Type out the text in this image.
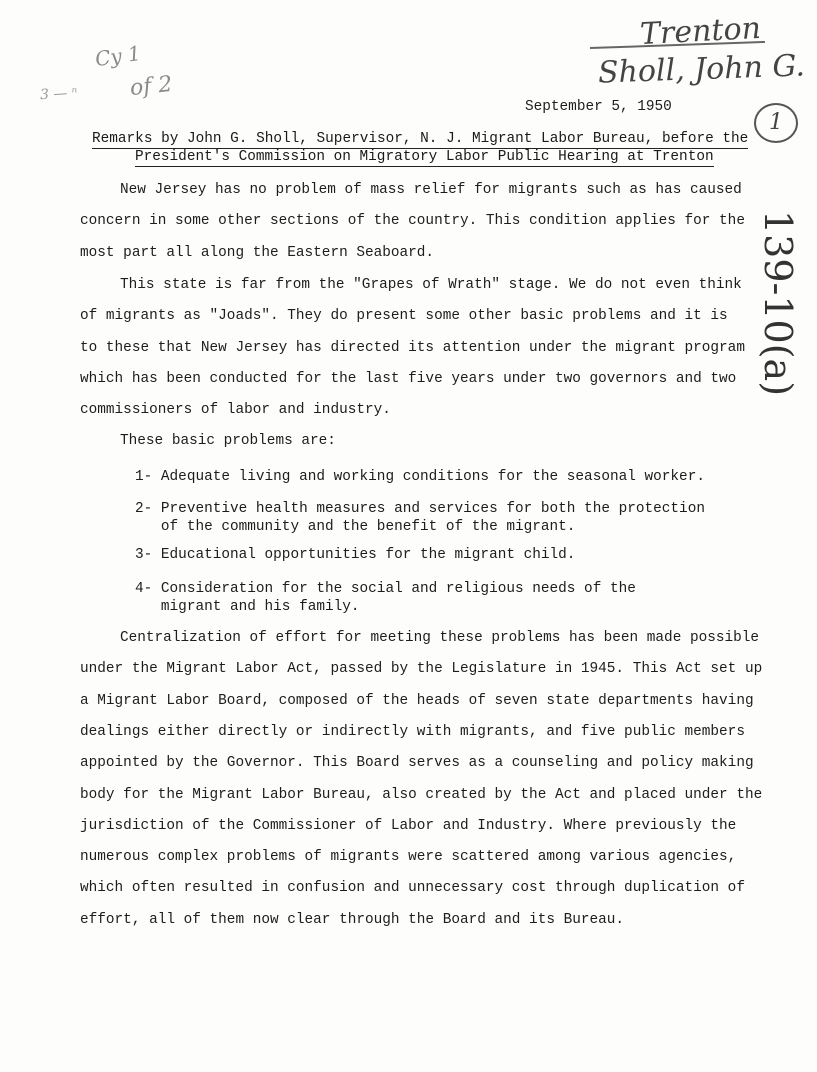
Trenton
Sholl, John G.
Cy 1
of 2
3 — ⁿ
139-10(a)
1
September 5, 1950
Remarks by John G. Sholl, Supervisor, N. J. Migrant Labor Bureau, before the
President's Commission on Migratory Labor Public Hearing at Trenton
New Jersey has no problem of mass relief for migrants such as has caused
concern in some other sections of the country. This condition applies for the
most part all along the Eastern Seaboard.
This state is far from the "Grapes of Wrath" stage. We do not even think
of migrants as "Joads". They do present some other basic problems and it is
to these that New Jersey has directed its attention under the migrant program
which has been conducted for the last five years under two governors and two
commissioners of labor and industry.
These basic problems are:
1- Adequate living and working conditions for the seasonal worker.
2- Preventive health measures and services for both the protection
of the community and the benefit of the migrant.
3- Educational opportunities for the migrant child.
4- Consideration for the social and religious needs of the
migrant and his family.
Centralization of effort for meeting these problems has been made possible
under the Migrant Labor Act, passed by the Legislature in 1945. This Act set up
a Migrant Labor Board, composed of the heads of seven state departments having
dealings either directly or indirectly with migrants, and five public members
appointed by the Governor. This Board serves as a counseling and policy making
body for the Migrant Labor Bureau, also created by the Act and placed under the
jurisdiction of the Commissioner of Labor and Industry. Where previously the
numerous complex problems of migrants were scattered among various agencies,
which often resulted in confusion and unnecessary cost through duplication of
effort, all of them now clear through the Board and its Bureau.
